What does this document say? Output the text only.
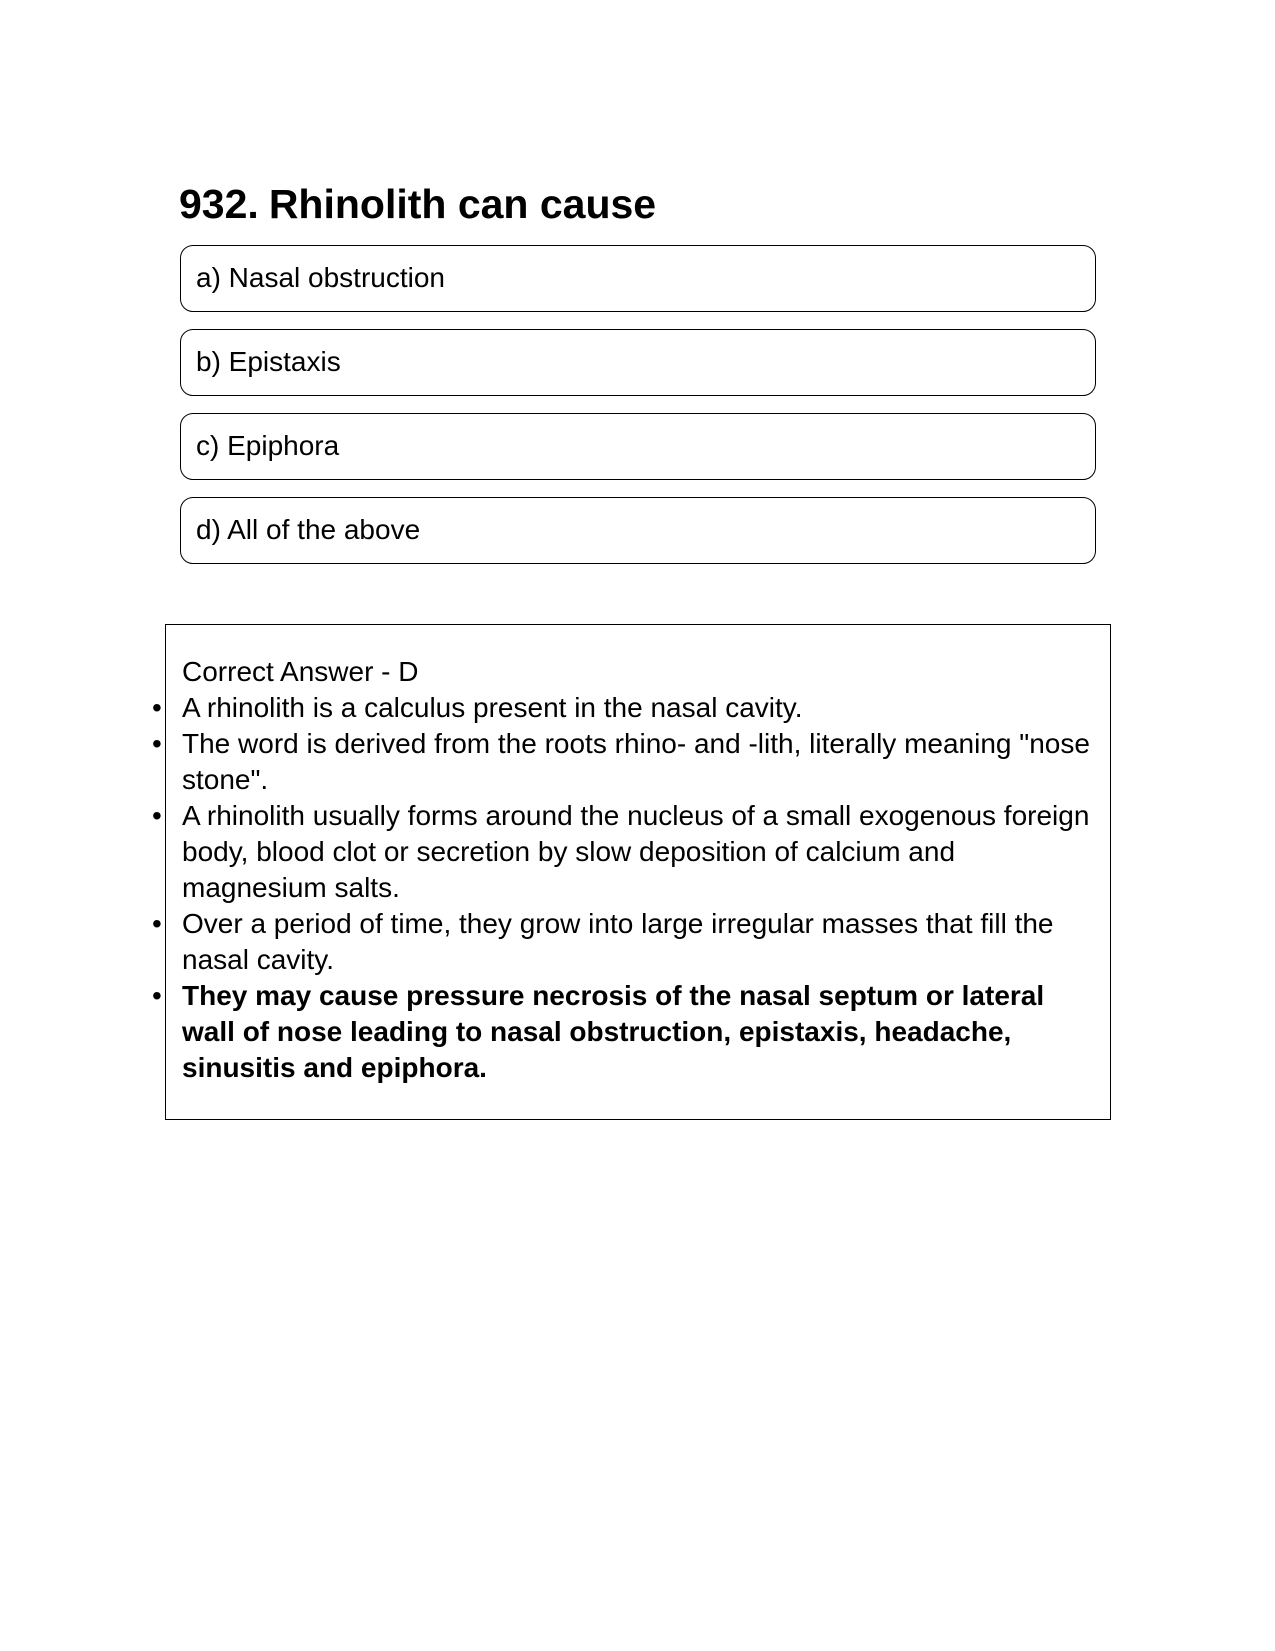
932. Rhinolith can cause
a) Nasal obstruction
b) Epistaxis
c) Epiphora
d) All of the above

Correct Answer - D

• A rhinolith is a calculus present in the nasal cavity.
• The word is derived from the roots rhino- and -lith, literally meaning "nose stone".
• A rhinolith usually forms around the nucleus of a small exogenous foreign body, blood clot or secretion by slow deposition of calcium and magnesium salts.
• Over a period of time, they grow into large irregular masses that fill the nasal cavity.
• They may cause pressure necrosis of the nasal septum or lateral wall of nose leading to nasal obstruction, epistaxis, headache, sinusitis and epiphora.
